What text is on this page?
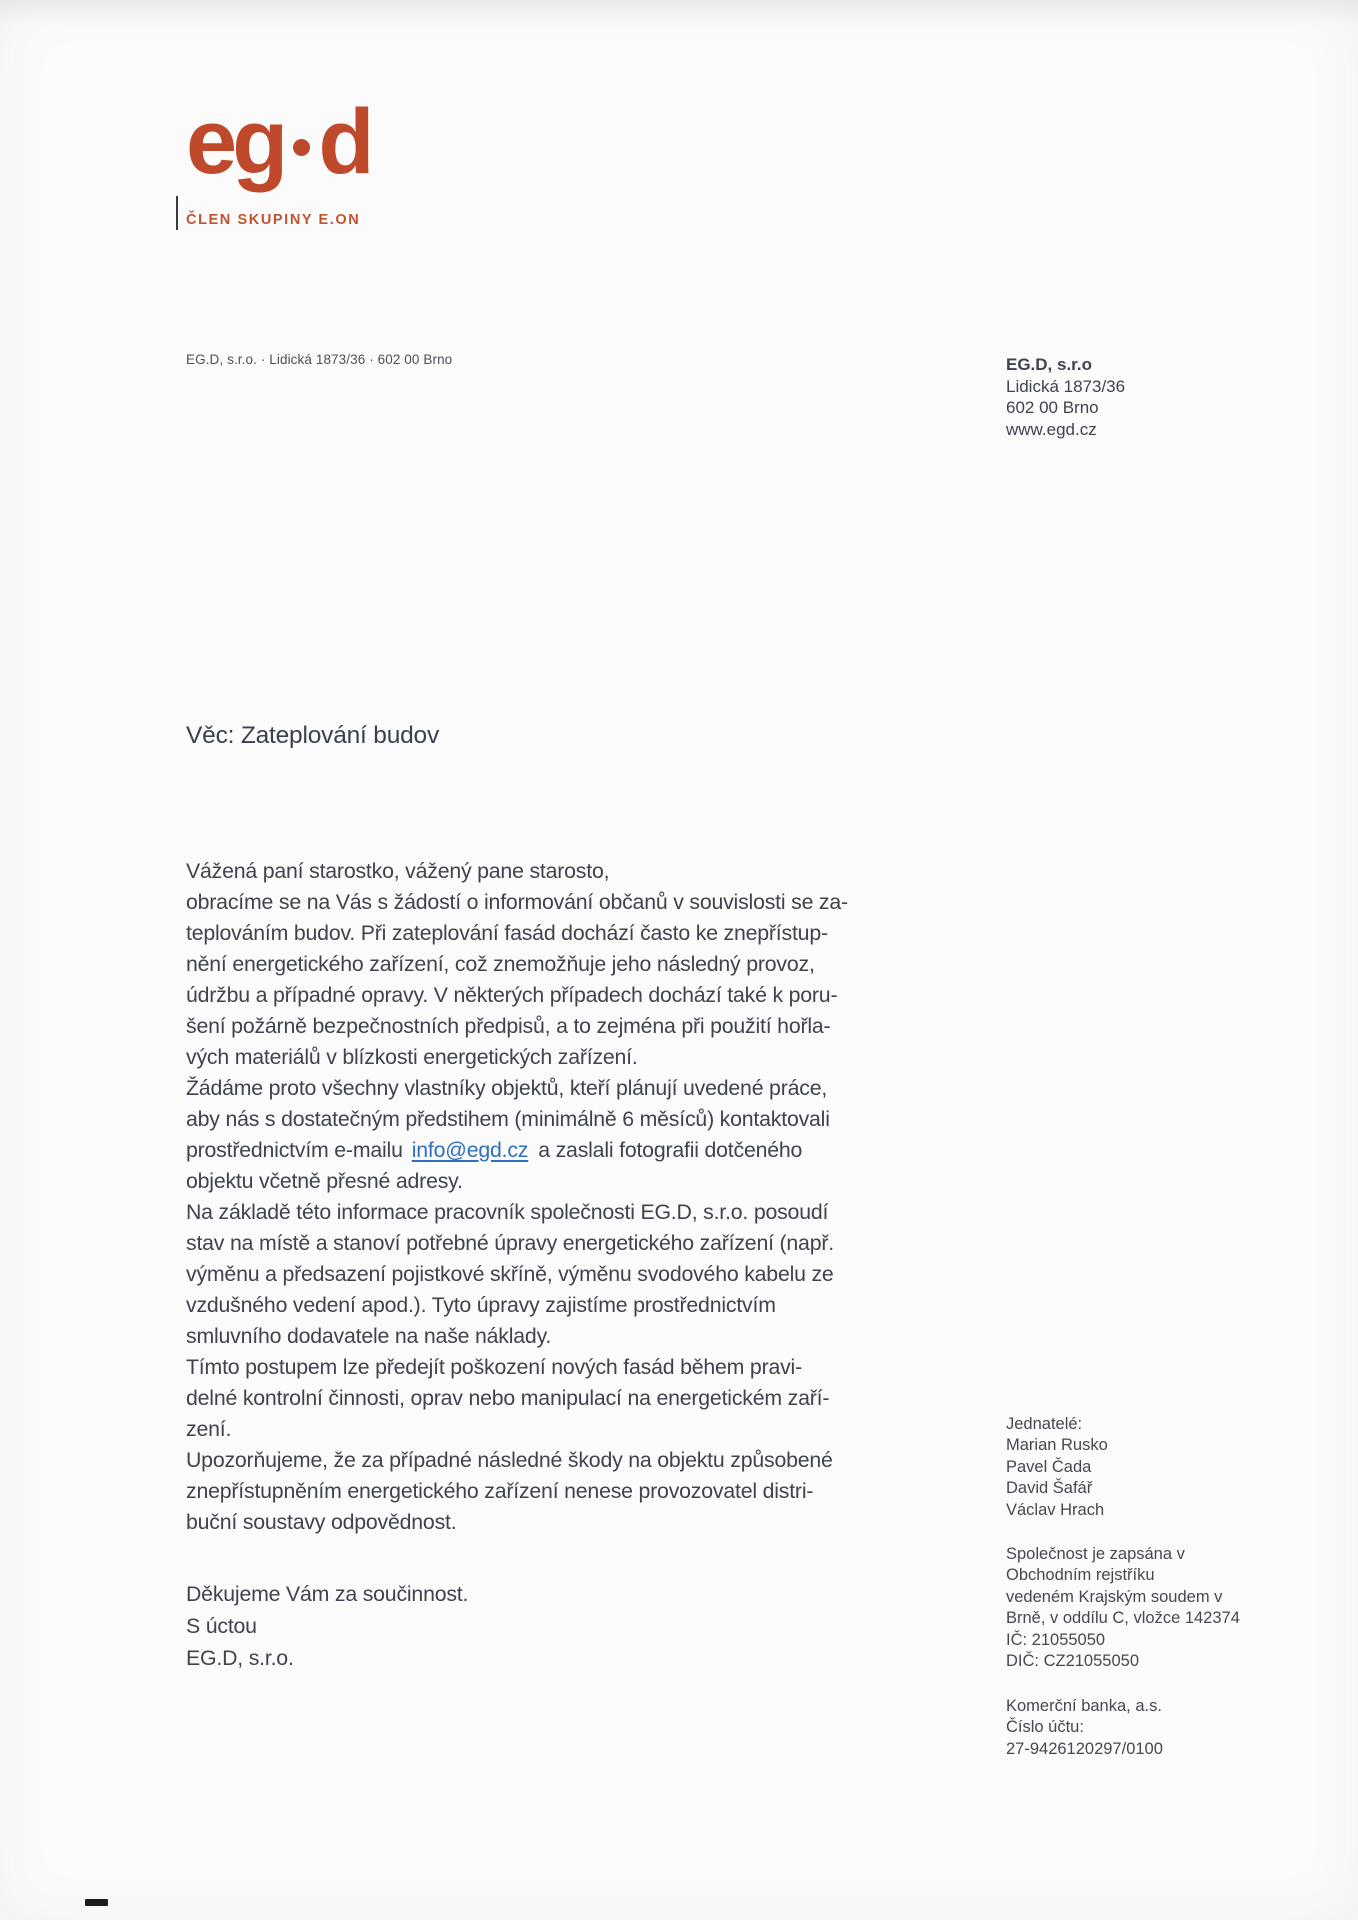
eg d
ČLEN SKUPINY E.ON
EG.D, s.r.o. · Lidická 1873/36 · 602 00 Brno	EG.D, s.r.o
Lidická 1873/36
602 00 Brno
www.egd.cz
Věc: Zateplování budov
Vážená paní starostko, vážený pane starosto,
obracíme se na Vás s žádostí o informování občanů v souvislosti se za-
teplováním budov. Při zateplování fasád dochází často ke znepřístup-
nění energetického zařízení, což znemožňuje jeho následný provoz,
údržbu a případné opravy. V některých případech dochází také k poru-
šení požárně bezpečnostních předpisů, a to zejména při použití hořla-
vých materiálů v blízkosti energetických zařízení.
Žádáme proto všechny vlastníky objektů, kteří plánují uvedené práce,
aby nás s dostatečným předstihem (minimálně 6 měsíců) kontaktovali
prostřednictvím e-mailu info@egd.cz a zaslali fotografii dotčeného
objektu včetně přesné adresy.
Na základě této informace pracovník společnosti EG.D, s.r.o. posoudí
stav na místě a stanoví potřebné úpravy energetického zařízení (např.
výměnu a předsazení pojistkové skříně, výměnu svodového kabelu ze
vzdušného vedení apod.). Tyto úpravy zajistíme prostřednictvím
smluvního dodavatele na naše náklady.
Tímto postupem lze předejít poškození nových fasád během pravi-
delné kontrolní činnosti, oprav nebo manipulací na energetickém zaří-
zení.
Upozorňujeme, že za případné následné škody na objektu způsobené
znepřístupněním energetického zařízení nenese provozovatel distri-
buční soustavy odpovědnost.
Děkujeme Vám za součinnost.
S úctou
EG.D, s.r.o.
Jednatelé:
Marian Rusko
Pavel Čada
David Šafář
Václav Hrach
Společnost je zapsána v
Obchodním rejstříku
vedeném Krajským soudem v
Brně, v oddílu C, vložce 142374
IČ: 21055050
DIČ: CZ21055050
Komerční banka, a.s.
Číslo účtu:
27-9426120297/0100
